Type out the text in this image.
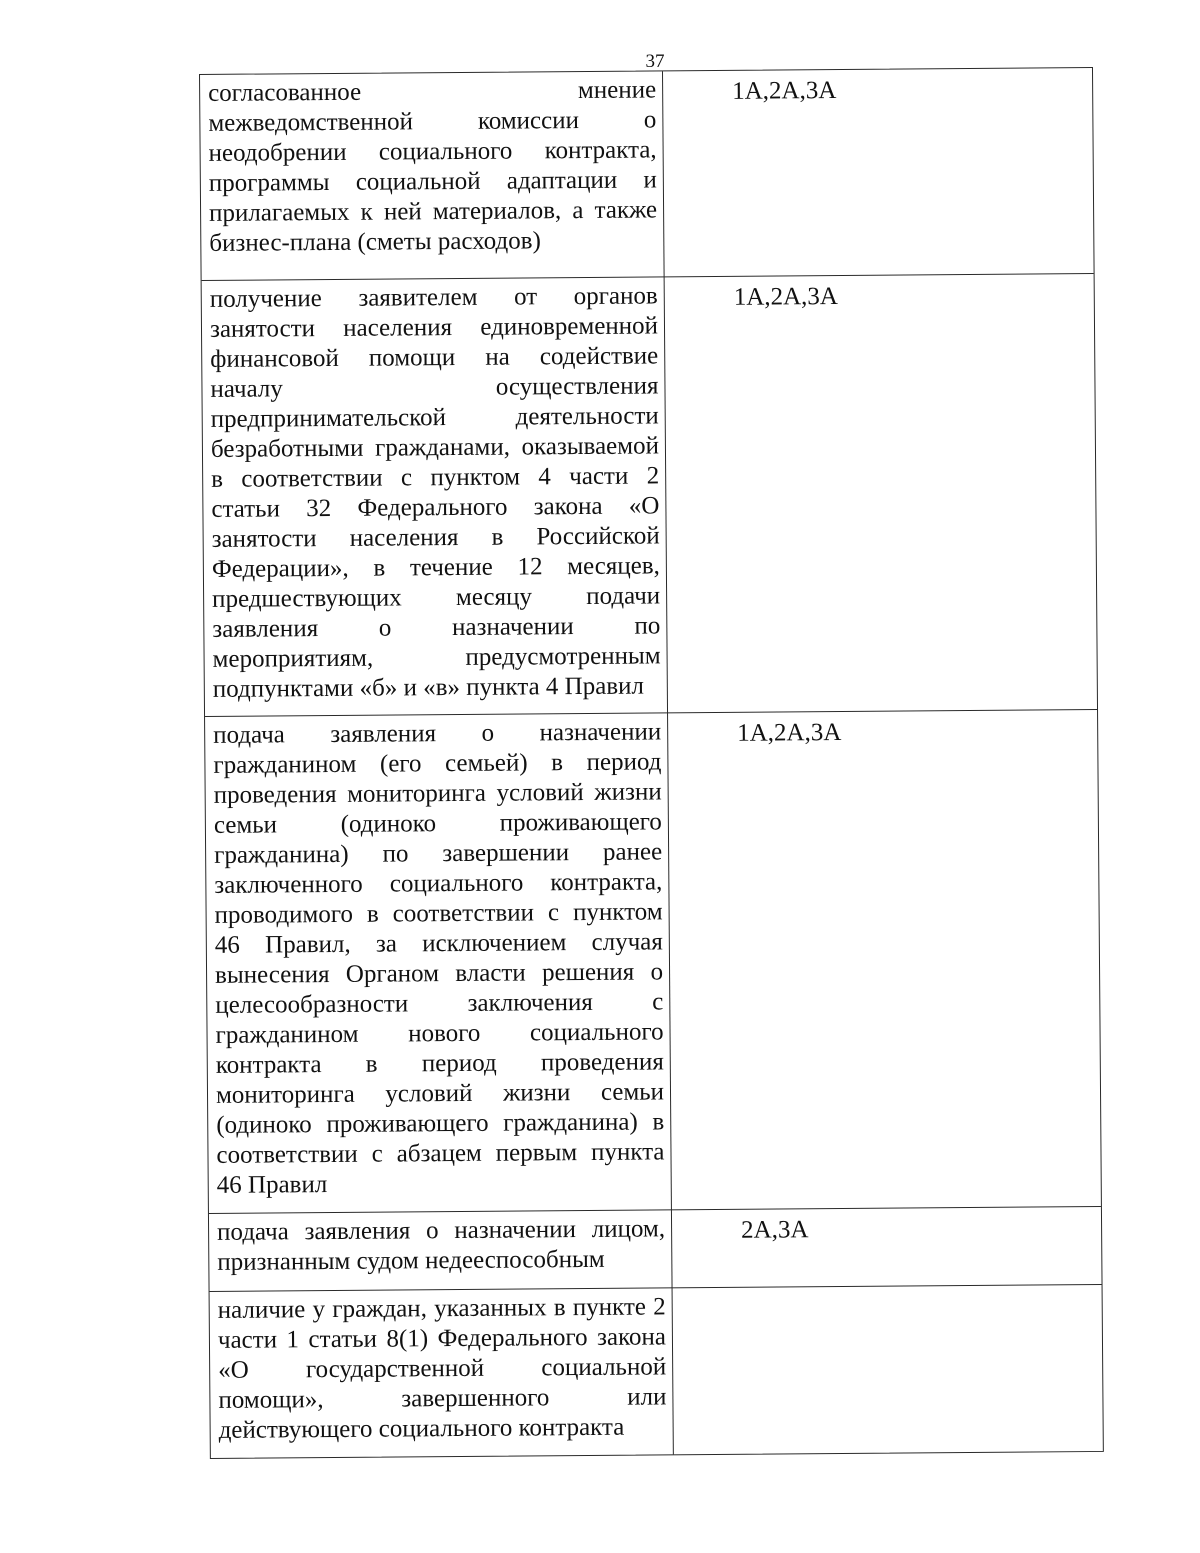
37
согласованное мнение межведомственной комиссии о неодобрении социального контракта, программы социальной адаптации и прилагаемых к ней материалов, а также бизнес-плана (сметы расходов)
1А,2А,3А
получение заявителем от органов занятости населения единовременной финансовой помощи на содействие началу осуществления предпринимательской деятельности безработными гражданами, оказываемой в соответствии с пунктом 4 части 2 статьи 32 Федерального закона «О занятости населения в Российской Федерации», в течение 12 месяцев, предшествующих месяцу подачи заявления о назначении по мероприятиям, предусмотренным подпунктами «б» и «в» пункта 4 Правил
1А,2А,3А
подача заявления о назначении гражданином (его семьей) в период проведения мониторинга условий жизни семьи (одиноко проживающего гражданина) по завершении ранее заключенного социального контракта, проводимого в соответствии с пунктом 46 Правил, за исключением случая вынесения Органом власти решения о целесообразности заключения с гражданином нового социального контракта в период проведения мониторинга условий жизни семьи (одиноко проживающего гражданина) в соответствии с абзацем первым пункта 46 Правил
1А,2А,3А
подача заявления о назначении лицом, признанным судом недееспособным
2А,3А
наличие у граждан, указанных в пункте 2 части 1 статьи 8(1) Федерального закона «О государственной социальной помощи», завершенного или действующего социального контракта
